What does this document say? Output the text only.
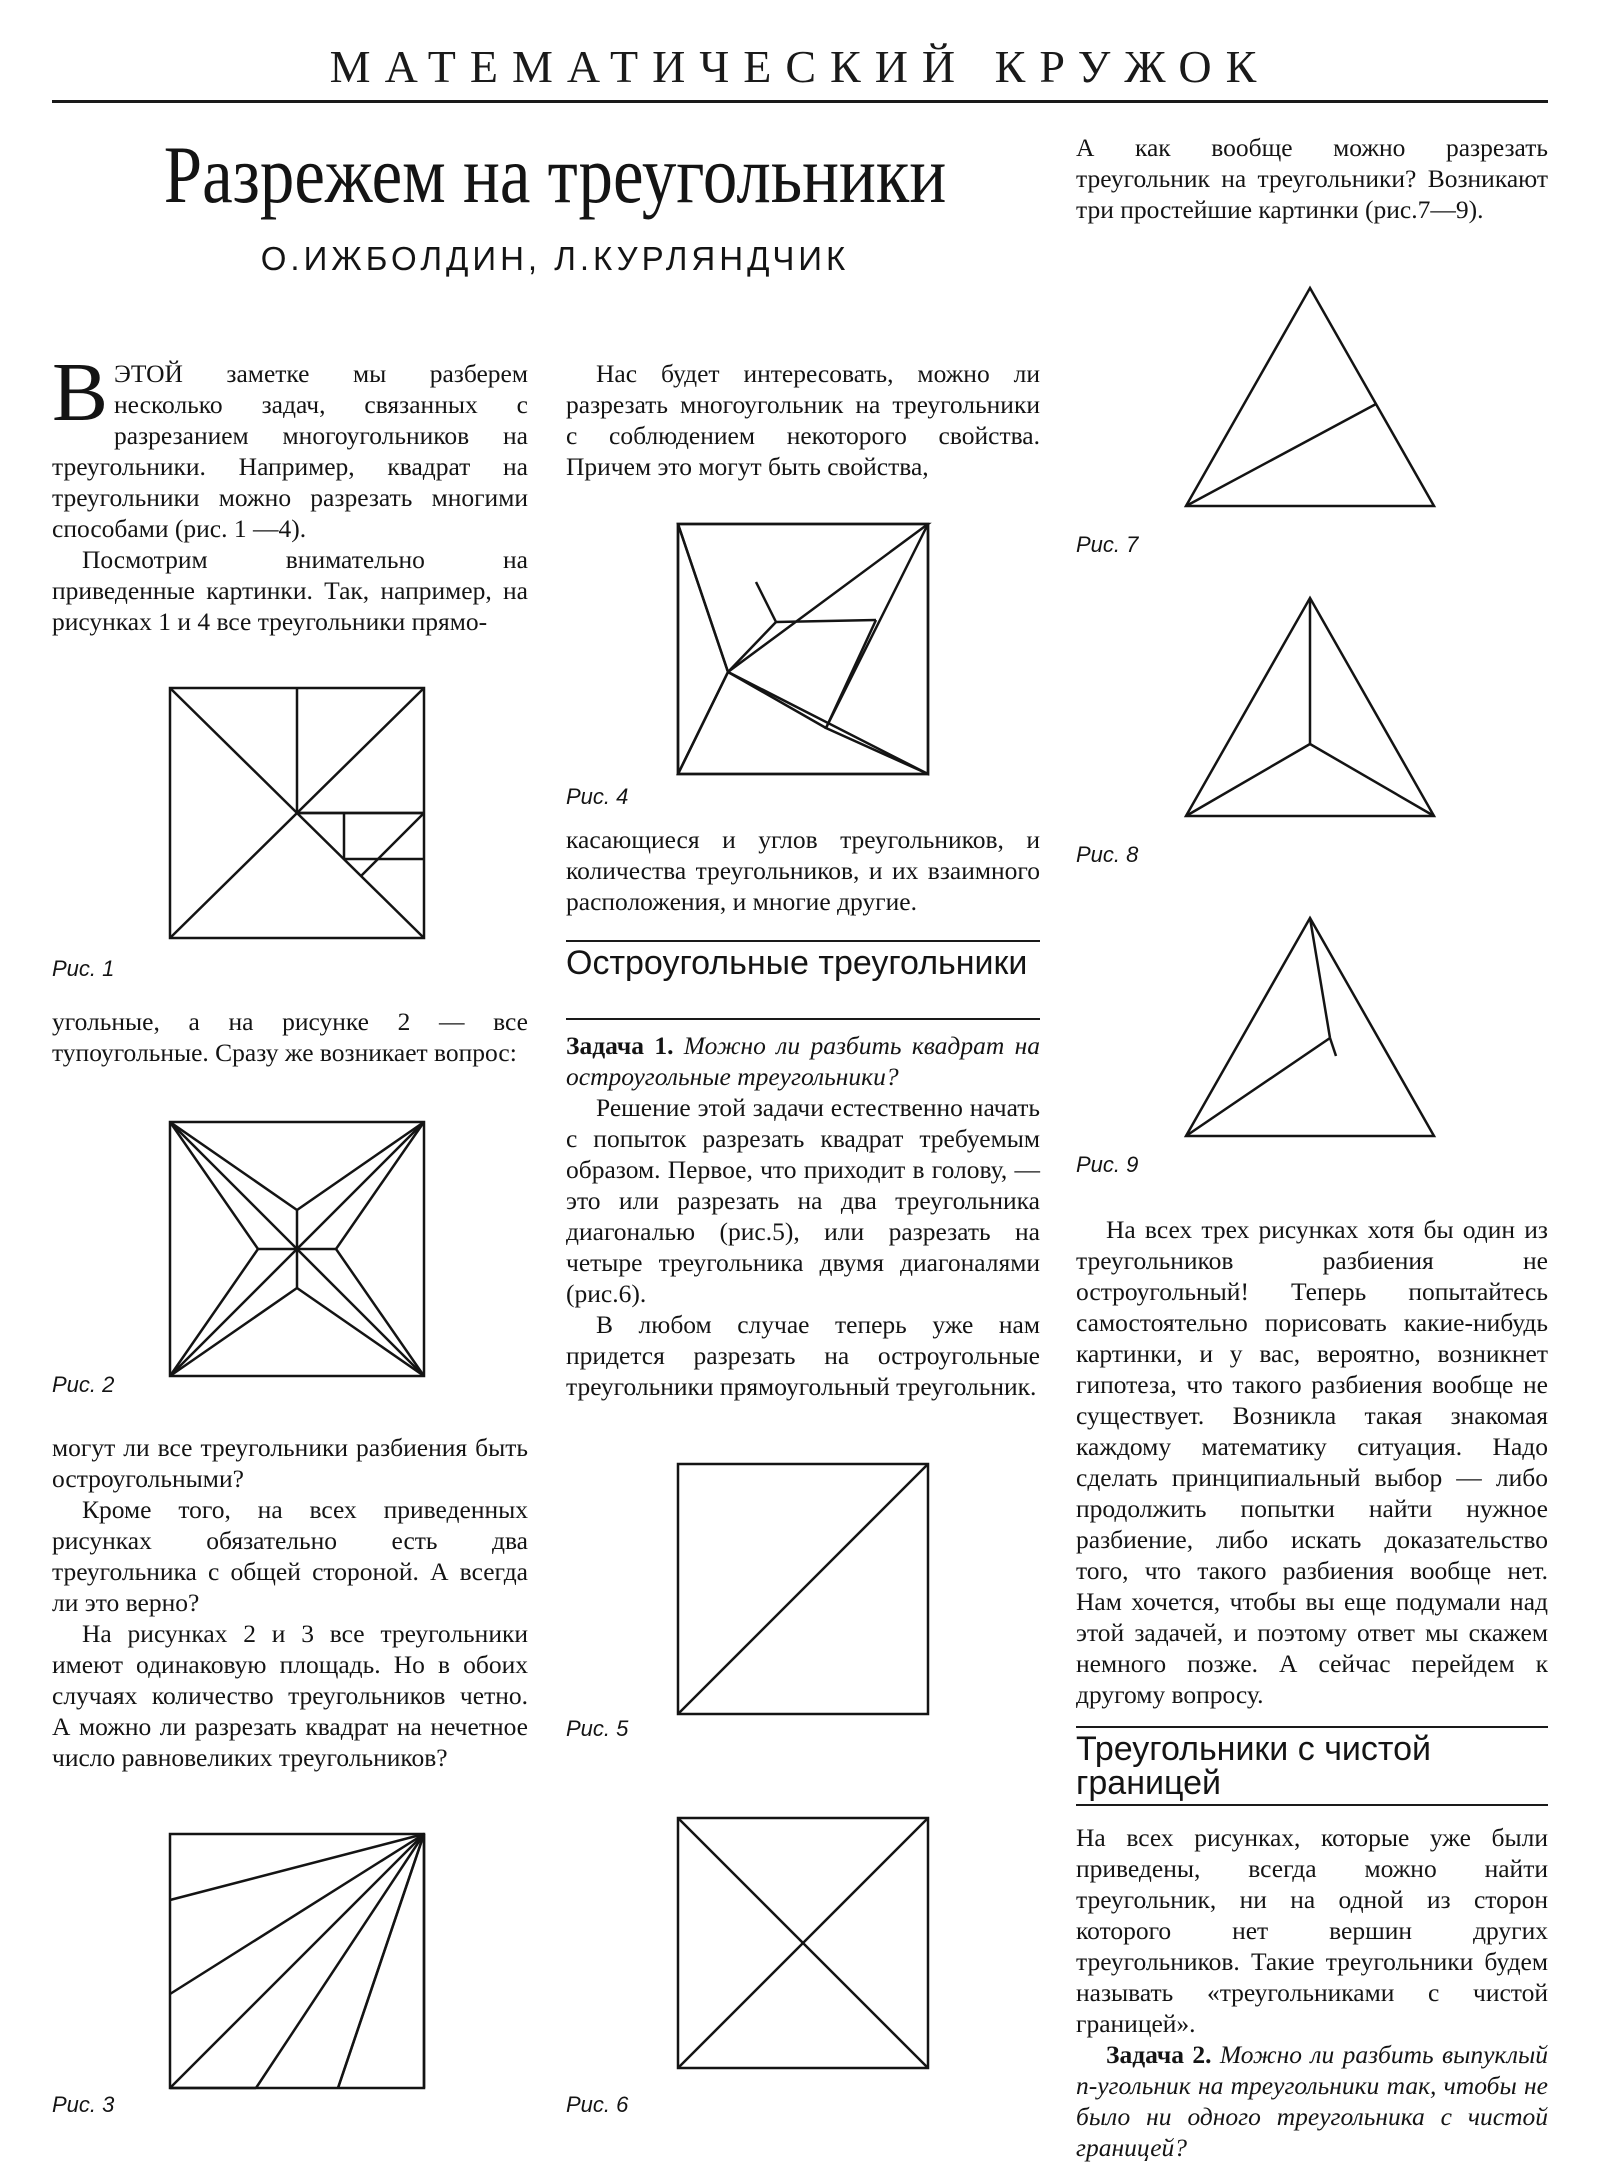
МАТЕМАТИЧЕСКИЙ КРУЖОК
Разрежем на треугольники
О.ИЖБОЛДИН, Л.КУРЛЯНДЧИК

ВЭТОЙ заметке мы разберем несколько задач, связанных с разрезанием многоугольников на треугольники. Например, квадрат на треугольники можно разрезать многими способами (рис. 1 —4).

Посмотрим внимательно на приведенные картинки. Так, например, на рисунках 1 и 4 все треугольники прямо-

Рис. 1

угольные, а на рисунке 2 — все тупоугольные. Сразу же возникает вопрос:

Рис. 2

могут ли все треугольники разбиения быть остроугольными?

Кроме того, на всех приведенных рисунках обязательно есть два треугольника с общей стороной. А всегда ли это верно?

На рисунках 2 и 3 все треугольники имеют одинаковую площадь. Но в обоих случаях количество треугольников четно. А можно ли разрезать квадрат на нечетное число равновеликих треугольников?

Рис. 3

Нас будет интересовать, можно ли разрезать многоугольник на треугольники с соблюдением некоторого свойства. Причем это могут быть свойства,

Рис. 4

касающиеся и углов треугольников, и количества треугольников, и их взаимного расположения, и многие другие.

Остроугольные треугольники

Задача 1. Можно ли разбить квадрат на остроугольные треугольники?

Решение этой задачи естественно начать с попыток разрезать квадрат требуемым образом. Первое, что приходит в голову, — это или разрезать на два треугольника диагональю (рис.5), или разрезать на четыре треугольника двумя диагоналями (рис.6).

В любом случае теперь уже нам придется разрезать на остроугольные треугольники прямоугольный треугольник.

Рис. 5
Рис. 6

А как вообще можно разрезать треугольник на треугольники? Возникают три простейшие картинки (рис.7—9).

Рис. 7
Рис. 8
Рис. 9

На всех трех рисунках хотя бы один из треугольников разбиения не остроугольный! Теперь попытайтесь самостоятельно порисовать какие-нибудь картинки, и у вас, вероятно, возникнет гипотеза, что такого разбиения вообще не существует. Возникла такая знакомая каждому математику ситуация. Надо сделать принципиальный выбор — либо продолжить попытки найти нужное разбиение, либо искать доказательство того, что такого разбиения вообще нет. Нам хочется, чтобы вы еще подумали над этой задачей, и поэтому ответ мы скажем немного позже. А сейчас перейдем к другому вопросу.

Треугольники с чистой границей

На всех рисунках, которые уже были приведены, всегда можно найти треугольник, ни на одной из сторон которого нет вершин других треугольников. Такие треугольники будем называть «треугольниками с чистой границей».

Задача 2. Можно ли разбить выпуклый n-угольник на треугольники так, чтобы не было ни одного треугольника с чистой границей?
